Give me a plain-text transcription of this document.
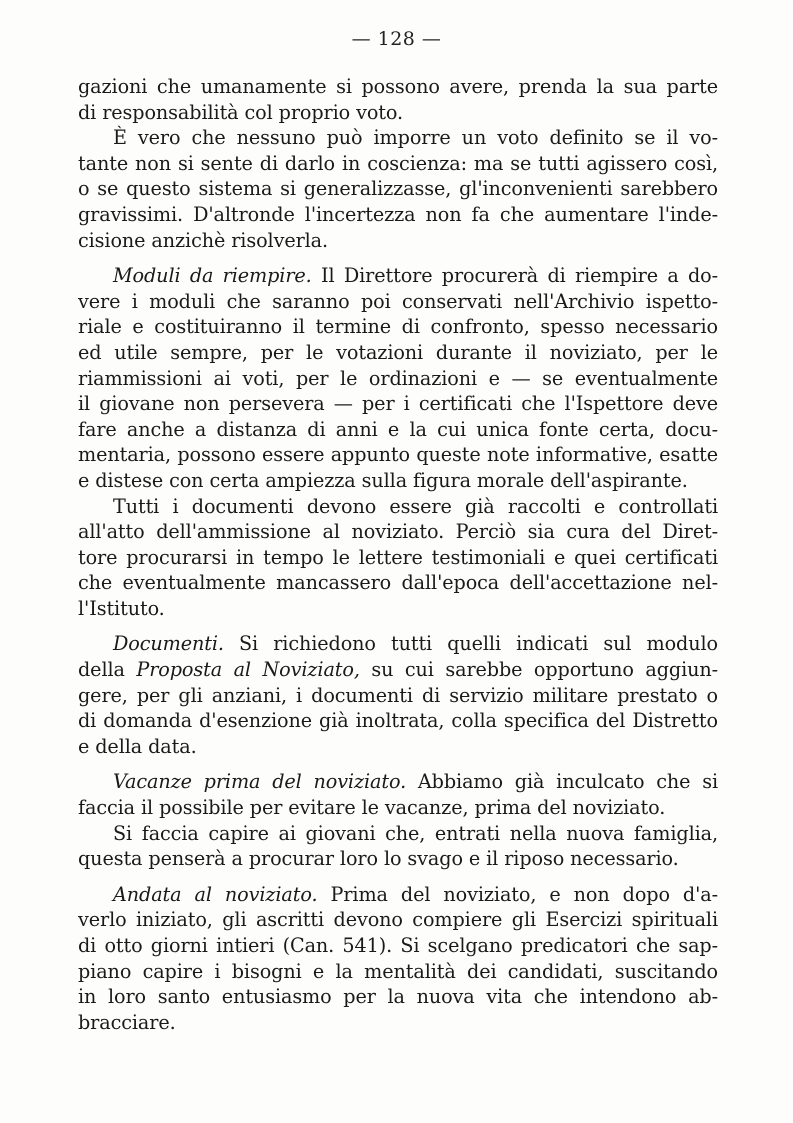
— 128 —
gazioni che umanamente si possono avere, prenda la sua parte
di responsabilità col proprio voto.
È vero che nessuno può imporre un voto definito se il vo-
tante non si sente di darlo in coscienza: ma se tutti agissero così,
o se questo sistema si generalizzasse, gl'inconvenienti sarebbero
gravissimi. D'altronde l'incertezza non fa che aumentare l'inde-
cisione anzichè risolverla.
Moduli da riempire. Il Direttore procurerà di riempire a do-
vere i moduli che saranno poi conservati nell'Archivio ispetto-
riale e costituiranno il termine di confronto, spesso necessario
ed utile sempre, per le votazioni durante il noviziato, per le
riammissioni ai voti, per le ordinazioni e — se eventualmente
il giovane non persevera — per i certificati che l'Ispettore deve
fare anche a distanza di anni e la cui unica fonte certa, docu-
mentaria, possono essere appunto queste note informative, esatte
e distese con certa ampiezza sulla figura morale dell'aspirante.
Tutti i documenti devono essere già raccolti e controllati
all'atto dell'ammissione al noviziato. Perciò sia cura del Diret-
tore procurarsi in tempo le lettere testimoniali e quei certificati
che eventualmente mancassero dall'epoca dell'accettazione nel-
l'Istituto.
Documenti. Si richiedono tutti quelli indicati sul modulo
della Proposta al Noviziato, su cui sarebbe opportuno aggiun-
gere, per gli anziani, i documenti di servizio militare prestato o
di domanda d'esenzione già inoltrata, colla specifica del Distretto
e della data.
Vacanze prima del noviziato. Abbiamo già inculcato che si
faccia il possibile per evitare le vacanze, prima del noviziato.
Si faccia capire ai giovani che, entrati nella nuova famiglia,
questa penserà a procurar loro lo svago e il riposo necessario.
Andata al noviziato. Prima del noviziato, e non dopo d'a-
verlo iniziato, gli ascritti devono compiere gli Esercizi spirituali
di otto giorni intieri (Can. 541). Si scelgano predicatori che sap-
piano capire i bisogni e la mentalità dei candidati, suscitando
in loro santo entusiasmo per la nuova vita che intendono ab-
bracciare.
